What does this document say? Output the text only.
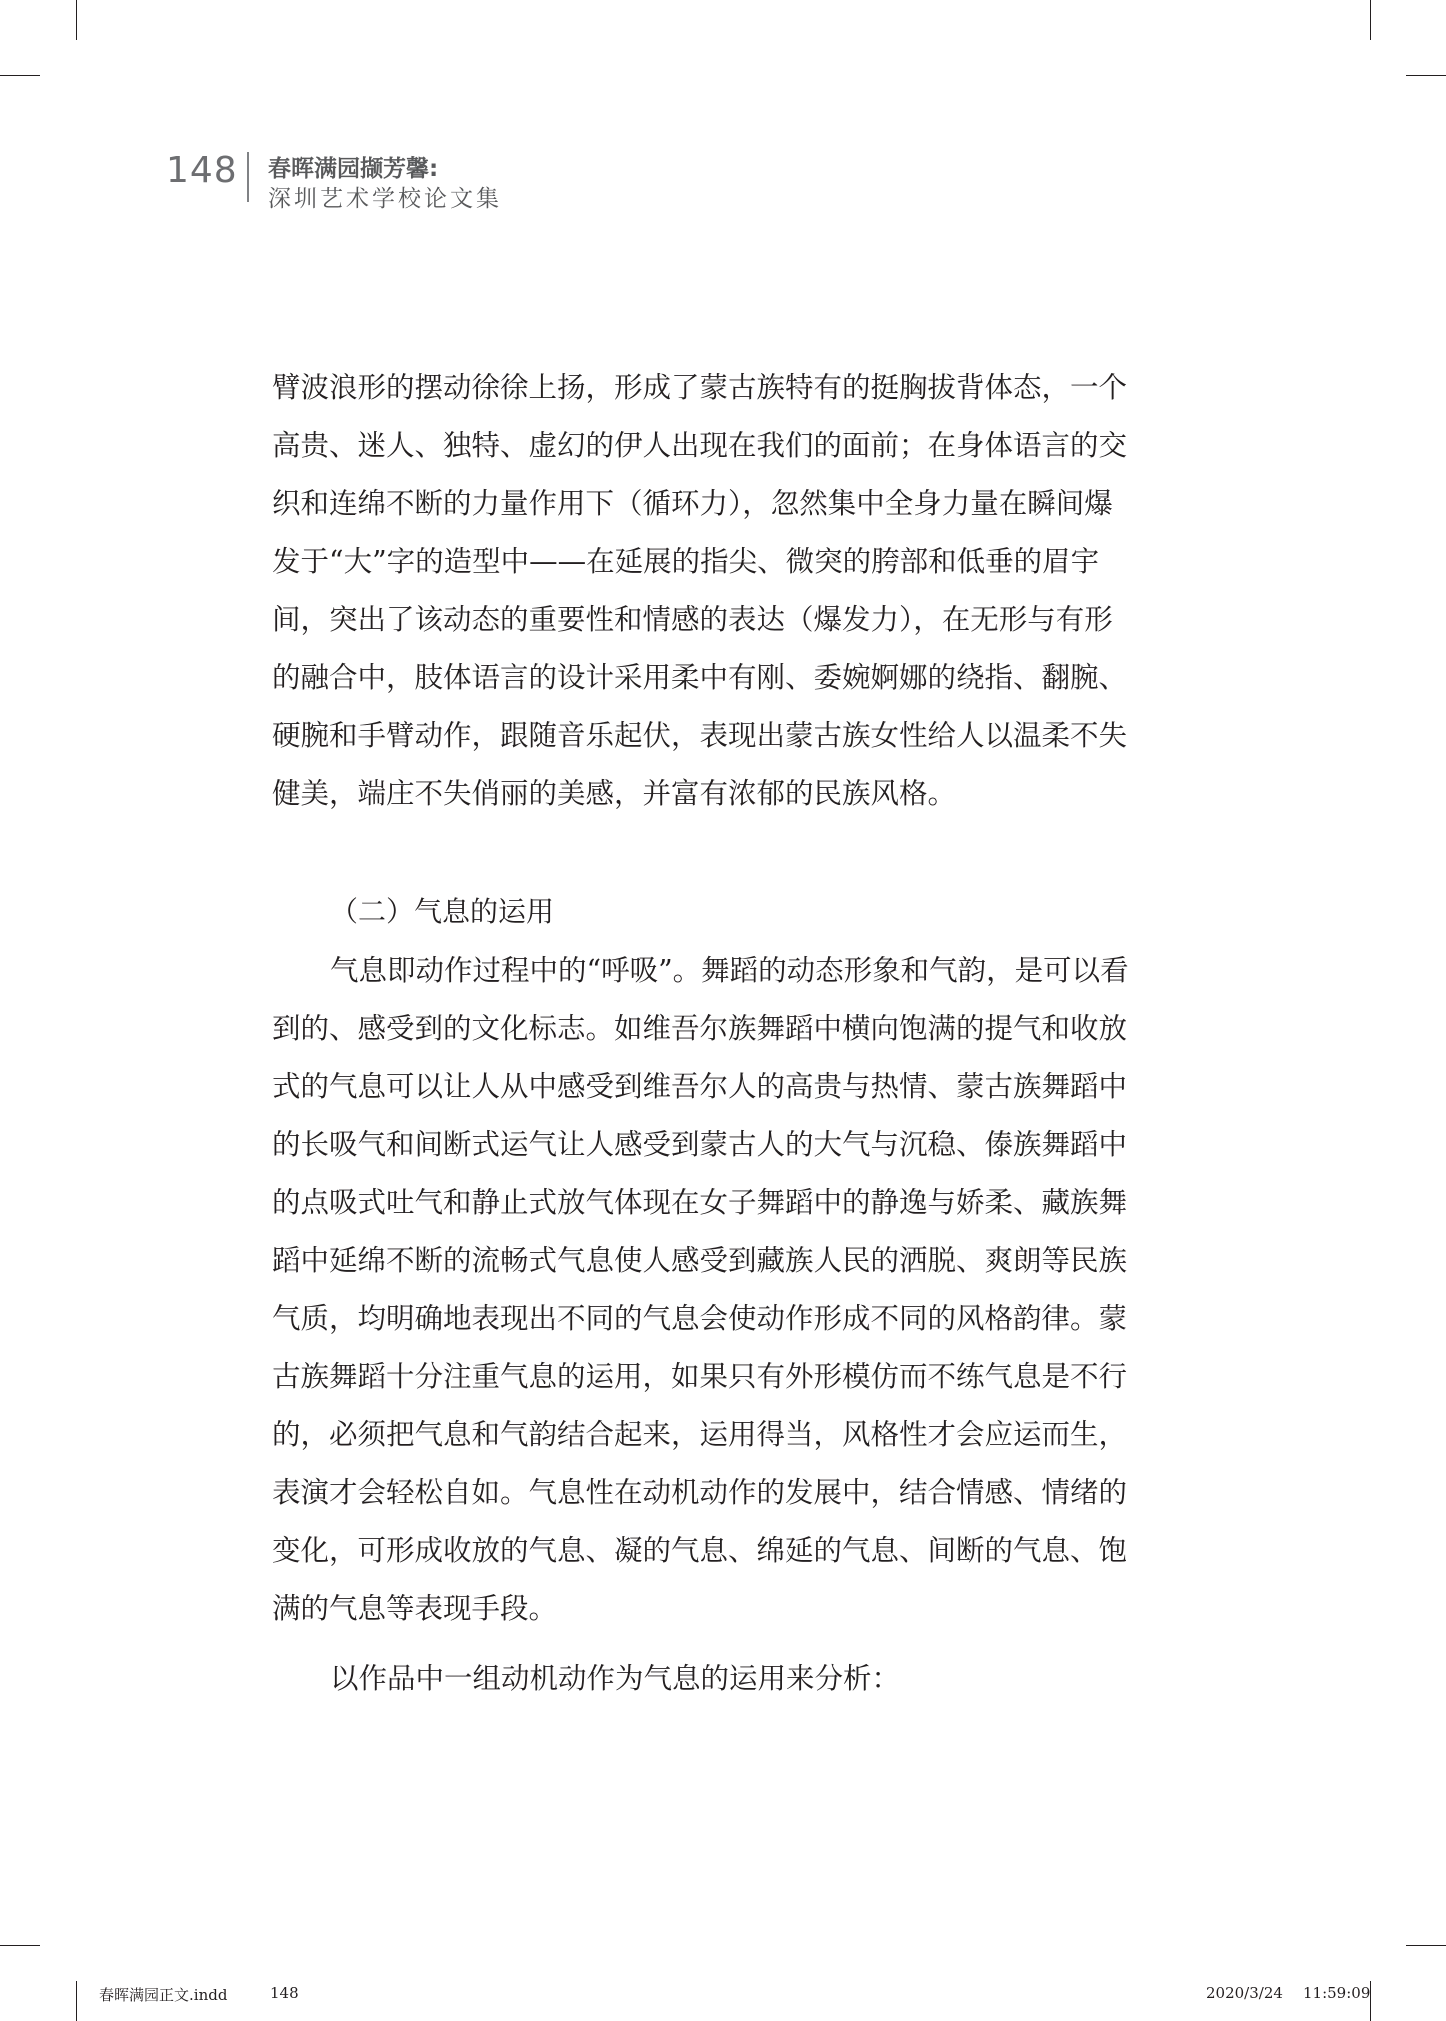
148 春晖满园撷芳馨:
深圳艺术学校论文集

臂波浪形的摆动徐徐上扬，形成了蒙古族特有的挺胸拔背体态，一个高贵、迷人、独特、虚幻的伊人出现在我们的面前；在身体语言的交织和连绵不断的力量作用下（循环力），忽然集中全身力量在瞬间爆发于“大”字的造型中——在延展的指尖、微突的胯部和低垂的眉宇间，突出了该动态的重要性和情感的表达（爆发力），在无形与有形的融合中，肢体语言的设计采用柔中有刚、委婉婀娜的绕指、翻腕、硬腕和手臂动作，跟随音乐起伏，表现出蒙古族女性给人以温柔不失健美，端庄不失俏丽的美感，并富有浓郁的民族风格。

（二）气息的运用

气息即动作过程中的“呼吸”。舞蹈的动态形象和气韵，是可以看到的、感受到的文化标志。如维吾尔族舞蹈中横向饱满的提气和收放式的气息可以让人从中感受到维吾尔人的高贵与热情、蒙古族舞蹈中的长吸气和间断式运气让人感受到蒙古人的大气与沉稳、傣族舞蹈中的点吸式吐气和静止式放气体现在女子舞蹈中的静逸与娇柔、藏族舞蹈中延绵不断的流畅式气息使人感受到藏族人民的洒脱、爽朗等民族气质，均明确地表现出不同的气息会使动作形成不同的风格韵律。蒙古族舞蹈十分注重气息的运用，如果只有外形模仿而不练气息是不行的，必须把气息和气韵结合起来，运用得当，风格性才会应运而生，表演才会轻松自如。气息性在动机动作的发展中，结合情感、情绪的变化，可形成收放的气息、凝的气息、绵延的气息、间断的气息、饱满的气息等表现手段。

以作品中一组动机动作为气息的运用来分析：

春晖满园正文.indd	148	2020/3/24 11:59:09
